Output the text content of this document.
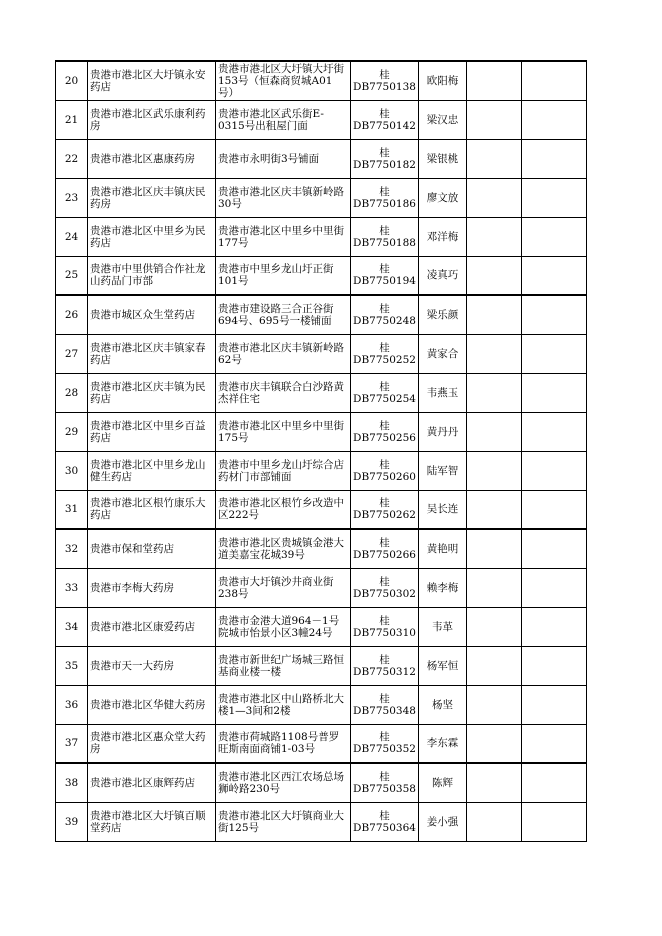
20	贵港市港北区大圩镇永安药店	贵港市港北区大圩镇大圩街153号（恒森商贸城A01号）	桂DB7750138	欧阳梅		
21	贵港市港北区武乐康利药房	贵港市港北区武乐街E-0315号出租屋门面	桂DB7750142	梁汉忠		
22	贵港市港北区惠康药房	贵港市永明街3号铺面	桂DB7750182	梁银桃		
23	贵港市港北区庆丰镇庆民药房	贵港市港北区庆丰镇新岭路30号	桂DB7750186	廖文放		
24	贵港市港北区中里乡为民药店	贵港市港北区中里乡中里街177号	桂DB7750188	邓洋梅		
25	贵港市中里供销合作社龙山药品门市部	贵港市中里乡龙山圩正街101号	桂DB7750194	凌真巧		
26	贵港市城区众生堂药店	贵港市建设路三合正谷街694号、695号一楼铺面	桂DB7750248	梁乐颜		
27	贵港市港北区庆丰镇家春药店	贵港市港北区庆丰镇新岭路62号	桂DB7750252	黄家合		
28	贵港市港北区庆丰镇为民药店	贵港市庆丰镇联合白沙路黄杰祥住宅	桂DB7750254	韦燕玉		
29	贵港市港北区中里乡百益药店	贵港市港北区中里乡中里街175号	桂DB7750256	黄丹丹		
30	贵港市港北区中里乡龙山健生药店	贵港市中里乡龙山圩综合店药材门市部铺面	桂DB7750260	陆军智		
31	贵港市港北区根竹康乐大药店	贵港市港北区根竹乡改造中区222号	桂DB7750262	吴长连		
32	贵港市保和堂药店	贵港市港北区贵城镇金港大道美嘉宝花城39号	桂DB7750266	黄艳明		
33	贵港市李梅大药房	贵港市大圩镇沙井商业街238号	桂DB7750302	赖李梅		
34	贵港市港北区康爱药店	贵港市金港大道964－1号院城市怡景小区3幢24号	桂DB7750310	韦革		
35	贵港市天一大药房	贵港市新世纪广场城三路恒基商业楼一楼	桂DB7750312	杨军恒		
36	贵港市港北区华健大药房	贵港市港北区中山路桥北大楼1—3间和2楼	桂DB7750348	杨坚		
37	贵港市港北区惠众堂大药房	贵港市荷城路1108号普罗旺斯南面商铺1-03号	桂DB7750352	李东霖		
38	贵港市港北区康辉药店	贵港市港北区西江农场总场狮岭路230号	桂DB7750358	陈辉		
39	贵港市港北区大圩镇百顺堂药店	贵港市港北区大圩镇商业大街125号	桂DB7750364	姜小强		
